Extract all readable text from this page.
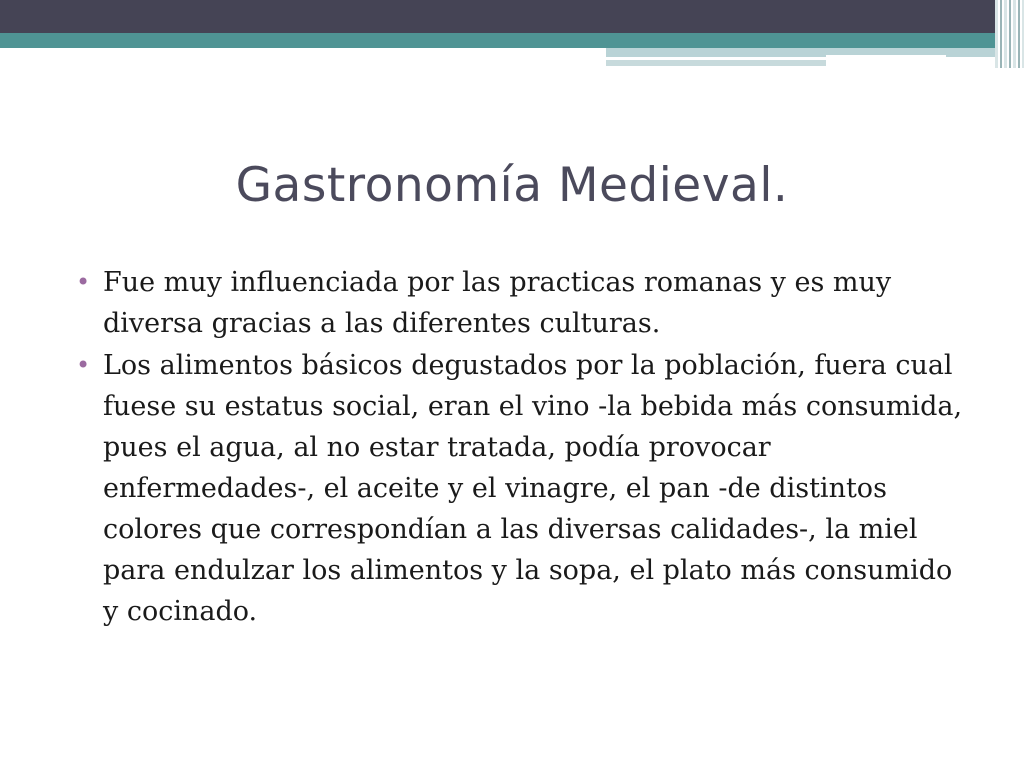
Gastronomía Medieval.
• Fue muy influenciada por las practicas romanas y es muy diversa gracias a las diferentes culturas.
• Los alimentos básicos degustados por la población, fuera cual fuese su estatus social, eran el vino -la bebida más consumida, pues el agua, al no estar tratada, podía provocar enfermedades-, el aceite y el vinagre, el pan -de distintos colores que correspondían a las diversas calidades-, la miel para endulzar los alimentos y la sopa, el plato más consumido y cocinado.
